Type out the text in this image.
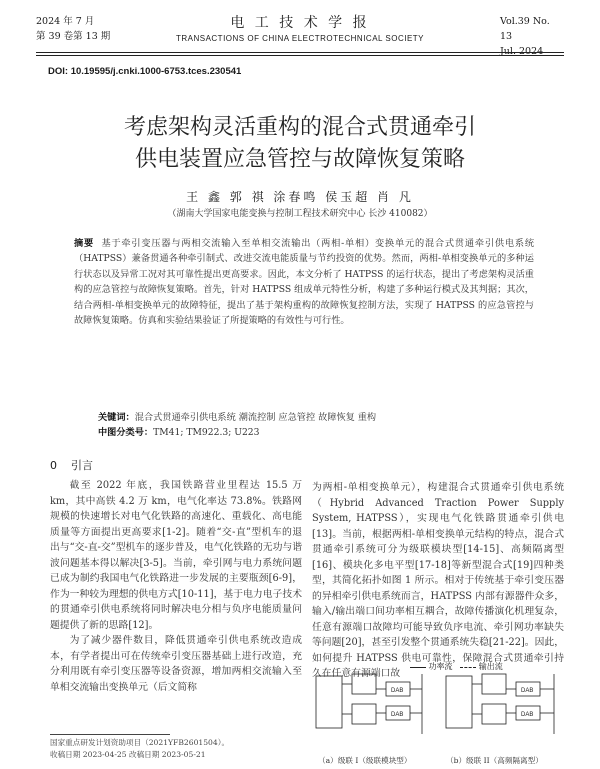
2024 年 7 月
第 39 卷第 13 期
电 工 技 术 学 报
TRANSACTIONS OF CHINA ELECTROTECHNICAL SOCIETY
Vol.39 No. 13
Jul. 2024
DOI: 10.19595/j.cnki.1000-6753.tces.230541
考虑架构灵活重构的混合式贯通牵引
供电装置应急管控与故障恢复策略
王 鑫 郭 祺 涂春鸣 侯玉超 肖 凡
（湖南大学国家电能变换与控制工程技术研究中心 长沙 410082）
摘要 基于牵引变压器与两相交流输入至单相交流输出（两相-单相）变换单元的混合式贯通牵引供电系统（HATPSS）兼备贯通各种牵引制式、改进交流电能质量与节约投资的优势。然而，两相-单相变换单元的多种运行状态以及异常工况对其可靠性提出更高要求。因此，本文分析了 HATPSS 的运行状态，提出了考虑架构灵活重构的应急管控与故障恢复策略。首先，针对 HATPSS 组成单元特性分析，构建了多种运行模式及其判据；其次，结合两相-单相变换单元的故障特征，提出了基于架构重构的故障恢复控制方法，实现了 HATPSS 的应急管控与故障恢复策略。仿真和实验结果验证了所提策略的有效性与可行性。
关键词：混合式贯通牵引供电系统 潮流控制 应急管控 故障恢复 重构
中图分类号：TM41; TM922.3; U223
0 引言

截至 2022 年底，我国铁路营业里程达 15.5 万 km，其中高铁 4.2 万 km，电气化率达 73.8%。铁路网规模的快速增长对电气化铁路的高速化、重载化、高电能质量等方面提出更高要求[1-2]。随着“交-直”型机车的退出与“交-直-交”型机车的逐步普及，电气化铁路的无功与谐波问题基本得以解决[3-5]。当前，牵引网与电力系统问题已成为制约我国电气化铁路进一步发展的主要瓶颈[6-9]，作为一种较为理想的供电方式[10-11]，基于电力电子技术的贯通牵引供电系统将同时解决电分相与负序电能质量问题提供了新的思路[12]。

为了减少器件数目，降低贯通牵引供电系统改造成本，有学者提出可在传统牵引变压器基础上进行改造，充分利用既有牵引变压器等设备资源，增加两相交流输入至单相交流输出变换单元（后文简称

为两相-单相变换单元），构建混合式贯通牵引供电系统（Hybrid Advanced Traction Power Supply System, HATPSS），实现电气化铁路贯通牵引供电[13]。当前，根据两相-单相变换单元结构的特点，混合式贯通牵引系统可分为级联模块型[14-15]、高频隔离型[16]、模块化多电平型[17-18]等新型混合式[19]四种类型，其简化拓扑如图 1 所示。相对于传统基于牵引变压器的异相牵引供电系统而言，HATPSS 内部有源器件众多，输入/输出端口间功率相互耦合，故障传播演化机理复杂，任意有源端口故障均可能导致负序电流、牵引网功率缺失等问题[20]，甚至引发整个贯通系统失稳[21-22]。因此，如何提升 HATPSS 供电可靠性，保障混合式贯通牵引持久在任意有源端口故

功率流	输出流
DAB
DAB
DAB
DAB
（a）级联 I（级联模块型）	（b）级联 II（高频隔离型）
国家重点研发计划资助项目（2021YFB2601504）。
收稿日期 2023-04-25 改稿日期 2023-05-21
